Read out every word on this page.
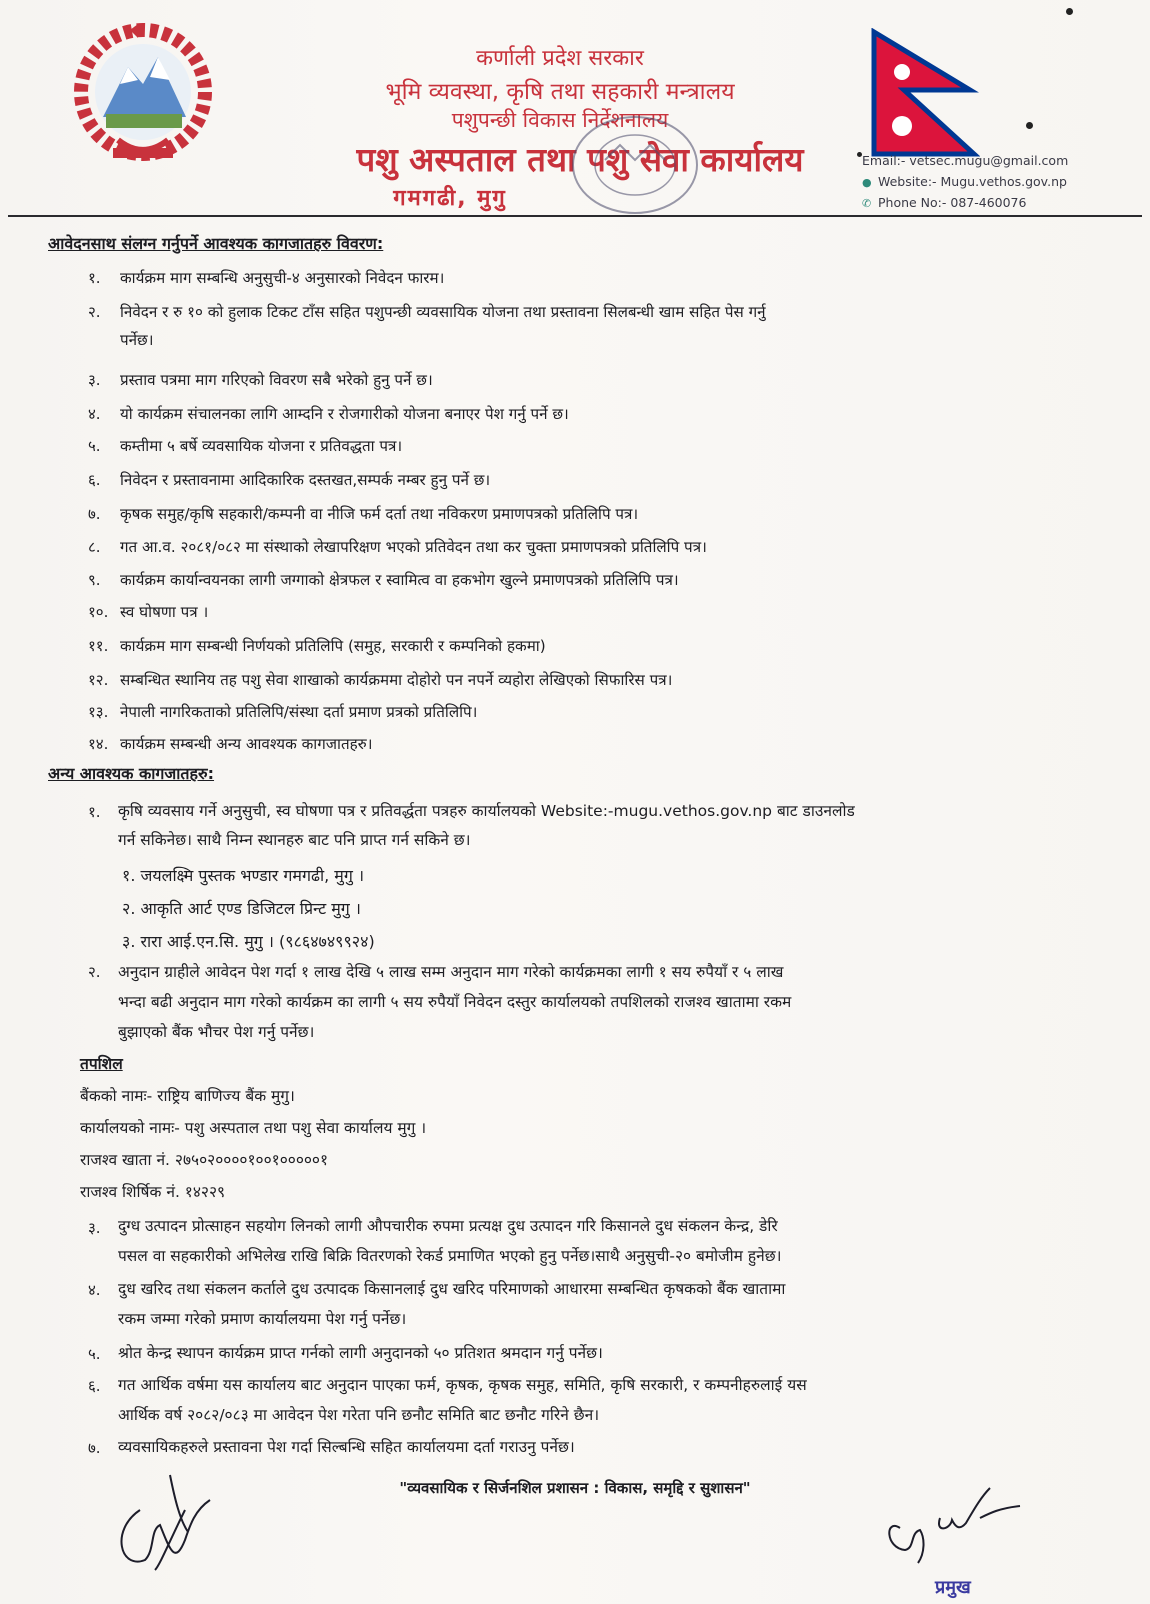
कर्णाली प्रदेश सरकार
भूमि व्यवस्था, कृषि तथा सहकारी मन्त्रालय
पशुपन्छी विकास निर्देशनालय
पशु अस्पताल तथा पशु सेवा कार्यालय
गमगढी, मुगु
Email:- vetsec.mugu@gmail.com
● Website:- Mugu.vethos.gov.np
✆ Phone No:- 087-460076
आवेदनसाथ संलग्न गर्नुपर्ने आवश्यक कागजातहरु विवरण:
१. कार्यक्रम माग सम्बन्धि अनुसुची-४ अनुसारको निवेदन फारम।
२. निवेदन र रु १० को हुलाक टिकट टाँस सहित पशुपन्छी व्यवसायिक योजना तथा प्रस्तावना सिलबन्धी खाम सहित पेस गर्नु
पर्नेछ।
३. प्रस्ताव पत्रमा माग गरिएको विवरण सबै भरेको हुनु पर्ने छ।
४. यो कार्यक्रम संचालनका लागि आम्दनि र रोजगारीको योजना बनाएर पेश गर्नु पर्ने छ।
५. कम्तीमा ५ बर्षे व्यवसायिक योजना र प्रतिवद्धता पत्र।
६. निवेदन र प्रस्तावनामा आदिकारिक दस्तखत,सम्पर्क नम्बर हुनु पर्ने छ।
७. कृषक समुह/कृषि सहकारी/कम्पनी वा नीजि फर्म दर्ता तथा नविकरण प्रमाणपत्रको प्रतिलिपि पत्र।
८. गत आ.व. २०८१/०८२ मा संस्थाको लेखापरिक्षण भएको प्रतिवेदन तथा कर चुक्ता प्रमाणपत्रको प्रतिलिपि पत्र।
९. कार्यक्रम कार्यान्वयनका लागी जग्गाको क्षेत्रफल र स्वामित्व वा हकभोग खुल्ने प्रमाणपत्रको प्रतिलिपि पत्र।
१०. स्व घोषणा पत्र ।
११. कार्यक्रम माग सम्बन्धी निर्णयको प्रतिलिपि (समुह, सरकारी र कम्पनिको हकमा)
१२. सम्बन्धित स्थानिय तह पशु सेवा शाखाको कार्यक्रममा दोहोरो पन नपर्ने व्यहोरा लेखिएको सिफारिस पत्र।
१३. नेपाली नागरिकताको प्रतिलिपि/संस्था दर्ता प्रमाण प्रत्रको प्रतिलिपि।
१४. कार्यक्रम सम्बन्धी अन्य आवश्यक कागजातहरु।
अन्य आवश्यक कागजातहरु:
१. कृषि व्यवसाय गर्ने अनुसुची, स्व घोषणा पत्र र प्रतिवर्द्धता पत्रहरु कार्यालयको Website:-mugu.vethos.gov.np बाट डाउनलोड
गर्न सकिनेछ। साथै निम्न स्थानहरु बाट पनि प्राप्त गर्न सकिने छ।
१. जयलक्ष्मि पुस्तक भण्डार गमगढी, मुगु ।
२. आकृति आर्ट एण्ड डिजिटल प्रिन्ट मुगु ।
३. रारा आई.एन.सि. मुगु । (९८६४७४९९२४)
२. अनुदान ग्राहीले आवेदन पेश गर्दा १ लाख देखि ५ लाख सम्म अनुदान माग गरेको कार्यक्रमका लागी १ सय रुपैयाँ र ५ लाख
भन्दा बढी अनुदान माग गरेको कार्यक्रम का लागी ५ सय रुपैयाँ निवेदन दस्तुर कार्यालयको तपशिलको राजश्व खातामा रकम
बुझाएको बैंक भौचर पेश गर्नु पर्नेछ।
तपशिल
बैंकको नामः- राष्ट्रिय बाणिज्य बैंक मुगु।
कार्यालयको नामः- पशु अस्पताल तथा पशु सेवा कार्यालय मुगु ।
राजश्व खाता नं. २७५०२००००१००१०००००१
राजश्व शिर्षिक नं. १४२२९
३. दुग्ध उत्पादन प्रोत्साहन सहयोग लिनको लागी औपचारीक रुपमा प्रत्यक्ष दुध उत्पादन गरि किसानले दुध संकलन केन्द्र, डेरि
पसल वा सहकारीको अभिलेख राखि बिक्रि वितरणको रेकर्ड प्रमाणित भएको हुनु पर्नेछ।साथै अनुसुची-२० बमोजीम हुनेछ।
४. दुध खरिद तथा संकलन कर्ताले दुध उत्पादक किसानलाई दुध खरिद परिमाणको आधारमा सम्बन्धित कृषकको बैंक खातामा
रकम जम्मा गरेको प्रमाण कार्यालयमा पेश गर्नु पर्नेछ।
५. श्रोत केन्द्र स्थापन कार्यक्रम प्राप्त गर्नको लागी अनुदानको ५० प्रतिशत श्रमदान गर्नु पर्नेछ।
६. गत आर्थिक वर्षमा यस कार्यालय बाट अनुदान पाएका फर्म, कृषक, कृषक समुह, समिति, कृषि सरकारी, र कम्पनीहरुलाई यस
आर्थिक वर्ष २०८२/०८३ मा आवेदन पेश गरेता पनि छनौट समिति बाट छनौट गरिने छैन।
७. व्यवसायिकहरुले प्रस्तावना पेश गर्दा सिल्बन्धि सहित कार्यालयमा दर्ता गराउनु पर्नेछ।
"व्यवसायिक र सिर्जनशिल प्रशासन : विकास, समृद्दि र सुशासन"
प्रमुख
